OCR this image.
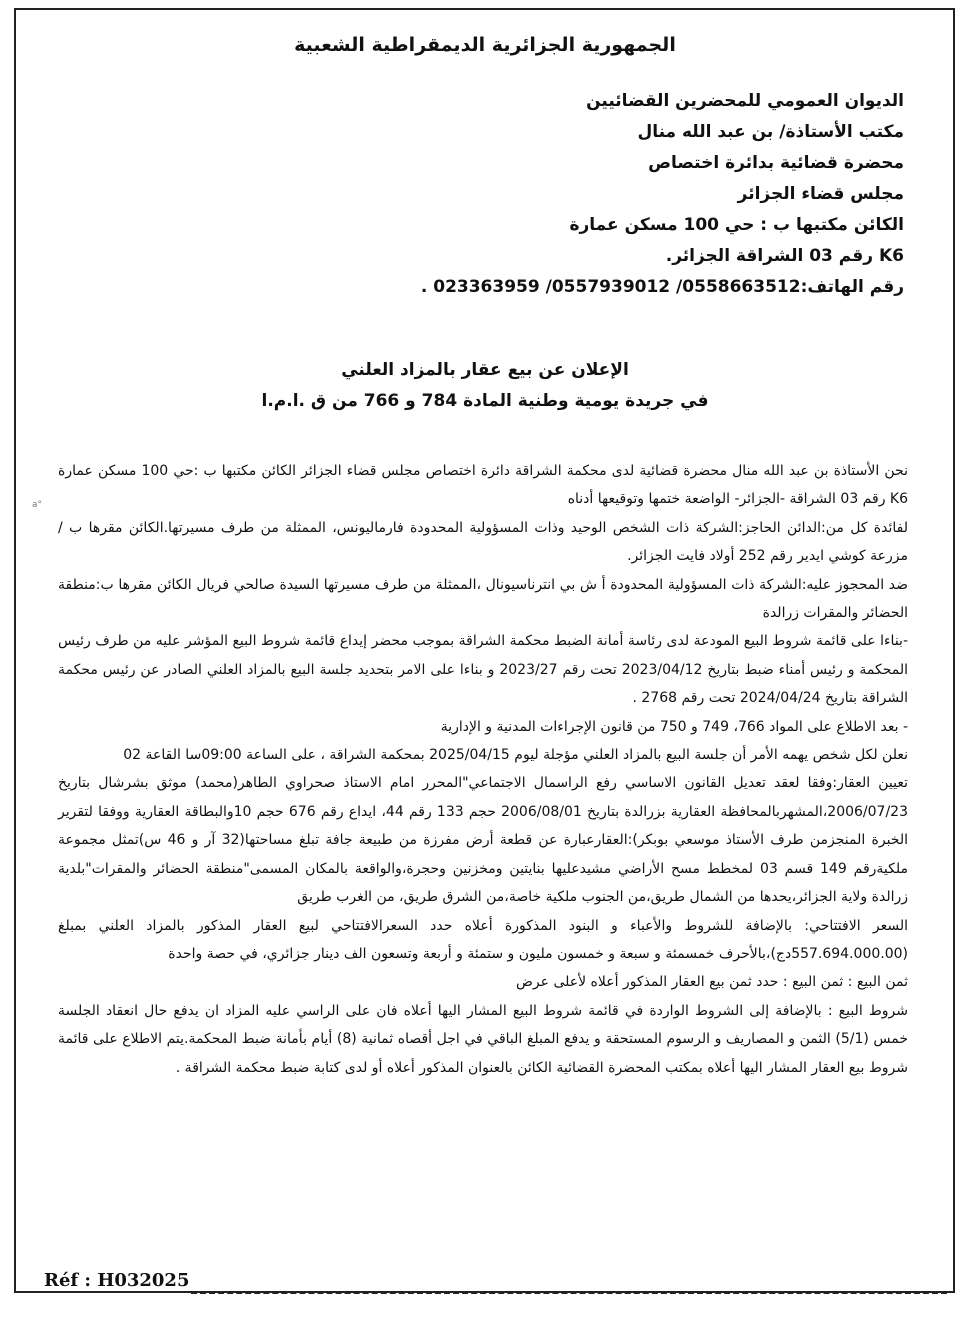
a°
الجمهورية الجزائرية الديمقراطية الشعبية
الديوان العمومي للمحضرين القضائيين
مكتب الأستاذة/ بن عبد الله منال
محضرة قضائية بدائرة اختصاص
مجلس قضاء الجزائر
الكائن مكتبها ب : حي 100 مسكن عمارة
K6 رقم 03 الشراقة الجزائر.
رقم الهاتف:0558663512/ 0557939012/ 023363959 .
الإعلان عن بيع عقار بالمزاد العلني
في جريدة يومية وطنية المادة 784 و 766 من ق .ا.م.ا

نحن الأستاذة بن عبد الله منال محضرة قضائية لدى محكمة الشراقة دائرة اختصاص مجلس قضاء الجزائر الكائن مكتبها ب :حي 100 مسكن عمارة K6 رقم 03 الشراقة -الجزائر- الواضعة ختمها وتوقيعها أدناه

لفائدة كل من:الدائن الحاجز:الشركة ذات الشخص الوحيد وذات المسؤولية المحدودة فارماليونس، الممثلة من طرف مسيرتها.الكائن مقرها ب / مزرعة كوشي ايدير رقم 252 أولاد فايت الجزائر.

ضد المحجوز عليه:الشركة ذات المسؤولية المحدودة أ ش بي انترناسيونال ،الممثلة من طرف مسيرتها السيدة صالحي فريال الكائن مقرها ب:منطقة الحضائر والمقرات زرالدة

-بناءا على قائمة شروط البيع المودعة لدى رئاسة أمانة الضبط محكمة الشراقة بموجب محضر إيداع قائمة شروط البيع المؤشر عليه من طرف رئيس المحكمة و رئيس أمناء ضبط بتاريخ 2023/04/12 تحت رقم 2023/27 و بناءا على الامر بتحديد جلسة البيع بالمزاد العلني الصادر عن رئيس محكمة الشراقة بتاريخ 2024/04/24 تحت رقم 2768 .

- بعد الاطلاع على المواد 766، 749 و 750 من قانون الإجراءات المدنية و الإدارية

نعلن لكل شخص يهمه الأمر أن جلسة البيع بالمزاد العلني مؤجلة ليوم 2025/04/15 بمحكمة الشراقة ، على الساعة 09:00سا القاعة 02

تعيين العقار:وفقا لعقد تعديل القانون الاساسي رفع الراسمال الاجتماعي"المحرر امام الاستاذ صحراوي الطاهر(محمد) موثق بشرشال بتاريخ 2006/07/23،المشهربالمحافظة العقارية بزرالدة بتاريخ 2006/08/01 حجم 133 رقم 44، ايداع رقم 676 حجم 10والبطاقة العقارية ووفقا لتقرير الخبرة المنجزمن طرف الأستاذ موسعي بوبكر):العقارعبارة عن قطعة أرض مفرزة من طبيعة جافة تبلغ مساحتها(32 آر و 46 س)تمثل مجموعة ملكيةرقم 149 قسم 03 لمخطط مسح الأراضي مشيدعليها بنايتين ومخزنين وحجرة،والواقعة بالمكان المسمى"منطقة الحضائر والمقرات"بلدية زرالدة ولاية الجزائر،يحدها من الشمال طريق،من الجنوب ملكية خاصة،من الشرق طريق، من الغرب طريق

السعر الافتتاحي: بالإضافة للشروط والأعباء و البنود المذكورة أعلاه حدد السعرالافتتاحي لبيع العقار المذكور بالمزاد العلني بمبلغ (557.694.000.00دج)،بالأحرف خمسمئة و سبعة و خمسون مليون و ستمئة و أربعة وتسعون الف دينار جزائري، في حصة واحدة

ثمن البيع : ثمن البيع : حدد ثمن بيع العقار المذكور أعلاه لأعلى عرض

شروط البيع : بالإضافة إلى الشروط الواردة في قائمة شروط البيع المشار اليها أعلاه فان على الراسي عليه المزاد ان يدفع حال انعقاد الجلسة خمس (5/1) الثمن و المصاريف و الرسوم المستحقة و يدفع المبلغ الباقي في اجل أقصاه ثمانية (8) أيام بأمانة ضبط المحكمة.يتم الاطلاع على قائمة شروط بيع العقار المشار اليها أعلاه بمكتب المحضرة القضائية الكائن بالعنوان المذكور أعلاه أو لدى كتابة ضبط محكمة الشراقة .

Réf : H032025
